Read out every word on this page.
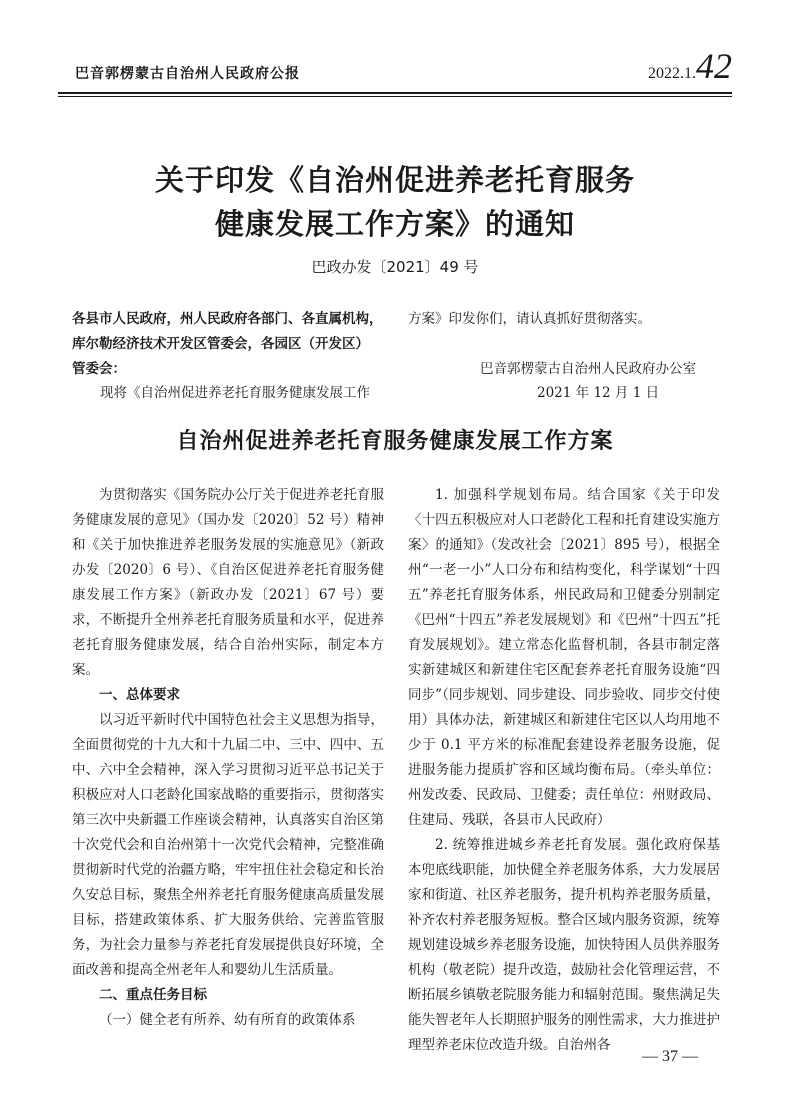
巴音郭楞蒙古自治州人民政府公报	2022.1.42
关于印发《自治州促进养老托育服务
健康发展工作方案》的通知
巴政办发〔2021〕49 号
各县市人民政府，州人民政府各部门、各直属机构，
库尔勒经济技术开发区管委会，各园区（开发区）
管委会：
现将《自治州促进养老托育服务健康发展工作
方案》印发你们，请认真抓好贯彻落实。
巴音郭楞蒙古自治州人民政府办公室
2021 年 12 月 1 日
自治州促进养老托育服务健康发展工作方案

为贯彻落实《国务院办公厅关于促进养老托育服务健康发展的意见》（国办发〔2020〕52 号）精神和《关于加快推进养老服务发展的实施意见》（新政办发〔2020〕6 号）、《自治区促进养老托育服务健康发展工作方案》（新政办发〔2021〕67 号）要求，不断提升全州养老托育服务质量和水平，促进养老托育服务健康发展，结合自治州实际，制定本方案。

一、总体要求

以习近平新时代中国特色社会主义思想为指导，全面贯彻党的十九大和十九届二中、三中、四中、五中、六中全会精神，深入学习贯彻习近平总书记关于积极应对人口老龄化国家战略的重要指示，贯彻落实第三次中央新疆工作座谈会精神，认真落实自治区第十次党代会和自治州第十一次党代会精神，完整准确贯彻新时代党的治疆方略，牢牢扭住社会稳定和长治久安总目标，聚焦全州养老托育服务健康高质量发展目标，搭建政策体系、扩大服务供给、完善监管服务，为社会力量参与养老托育发展提供良好环境，全面改善和提高全州老年人和婴幼儿生活质量。

二、重点任务目标

（一）健全老有所养、幼有所育的政策体系

1. 加强科学规划布局。结合国家《关于印发〈十四五积极应对人口老龄化工程和托育建设实施方案〉的通知》（发改社会〔2021〕895 号），根据全州“一老一小”人口分布和结构变化，科学谋划“十四五”养老托育服务体系，州民政局和卫健委分别制定《巴州“十四五”养老发展规划》和《巴州“十四五”托育发展规划》。建立常态化监督机制，各县市制定落实新建城区和新建住宅区配套养老托育服务设施“四同步”（同步规划、同步建设、同步验收、同步交付使用）具体办法，新建城区和新建住宅区以人均用地不少于 0.1 平方米的标准配套建设养老服务设施，促进服务能力提质扩容和区域均衡布局。（牵头单位：州发改委、民政局、卫健委；责任单位：州财政局、住建局、残联，各县市人民政府）

2. 统筹推进城乡养老托育发展。强化政府保基本兜底线职能，加快健全养老服务体系，大力发展居家和街道、社区养老服务，提升机构养老服务质量，补齐农村养老服务短板。整合区域内服务资源，统筹规划建设城乡养老服务设施，加快特困人员供养服务机构（敬老院）提升改造，鼓励社会化管理运营，不断拓展乡镇敬老院服务能力和辐射范围。聚焦满足失能失智老年人长期照护服务的刚性需求，大力推进护理型养老床位改造升级。自治州各

— 37 —
